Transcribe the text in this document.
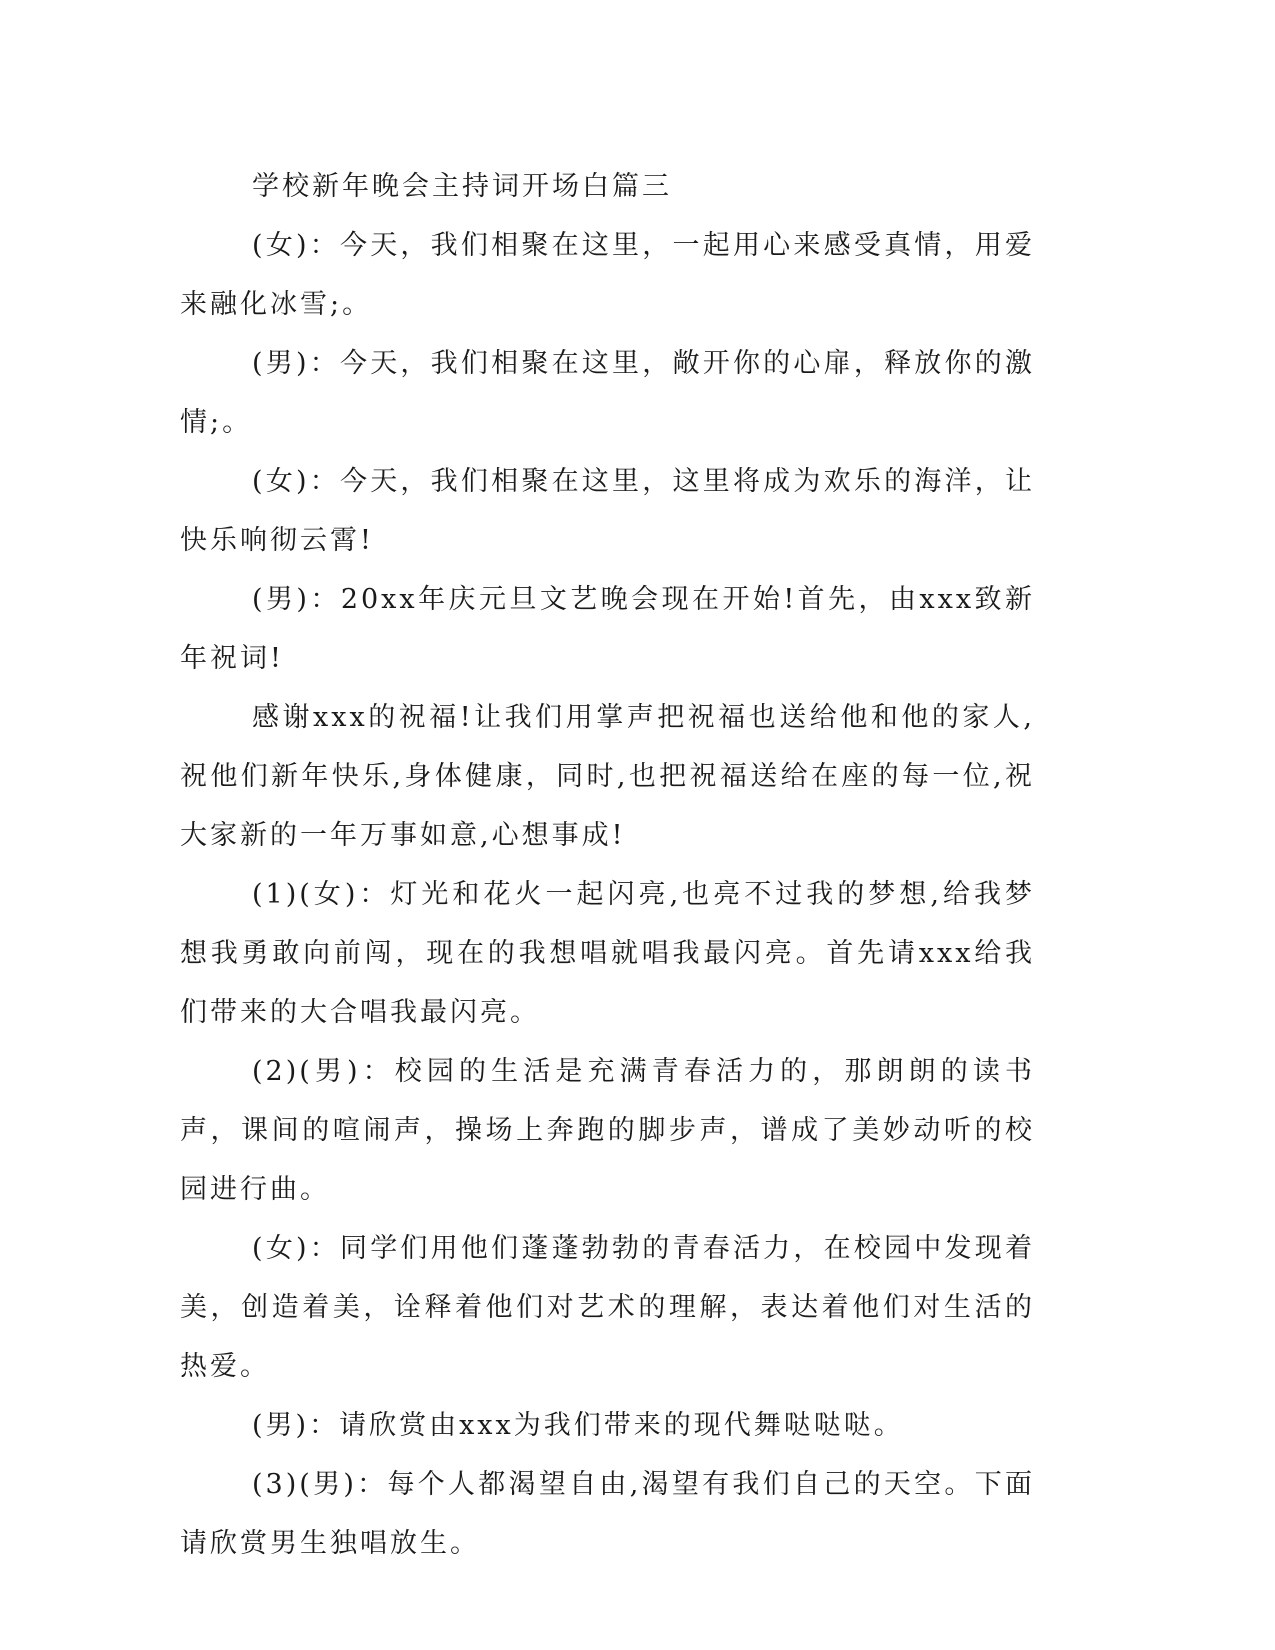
学校新年晚会主持词开场白篇三

(女)：今天，我们相聚在这里，一起用心来感受真情，用爱来融化冰雪;。

(男)：今天，我们相聚在这里，敞开你的心扉，释放你的激情;。

(女)：今天，我们相聚在这里，这里将成为欢乐的海洋，让快乐响彻云霄!

(男)：20xx年庆元旦文艺晚会现在开始!首先，由xxx致新年祝词!

感谢xxx的祝福!让我们用掌声把祝福也送给他和他的家人,祝他们新年快乐,身体健康，同时,也把祝福送给在座的每一位,祝大家新的一年万事如意,心想事成!

(1)(女)：灯光和花火一起闪亮,也亮不过我的梦想,给我梦想我勇敢向前闯，现在的我想唱就唱我最闪亮。首先请xxx给我们带来的大合唱我最闪亮。

(2)(男)：校园的生活是充满青春活力的，那朗朗的读书声，课间的喧闹声，操场上奔跑的脚步声，谱成了美妙动听的校园进行曲。

(女)：同学们用他们蓬蓬勃勃的青春活力，在校园中发现着美，创造着美，诠释着他们对艺术的理解，表达着他们对生活的热爱。

(男)：请欣赏由xxx为我们带来的现代舞哒哒哒。

(3)(男)：每个人都渴望自由,渴望有我们自己的天空。下面请欣赏男生独唱放生。
